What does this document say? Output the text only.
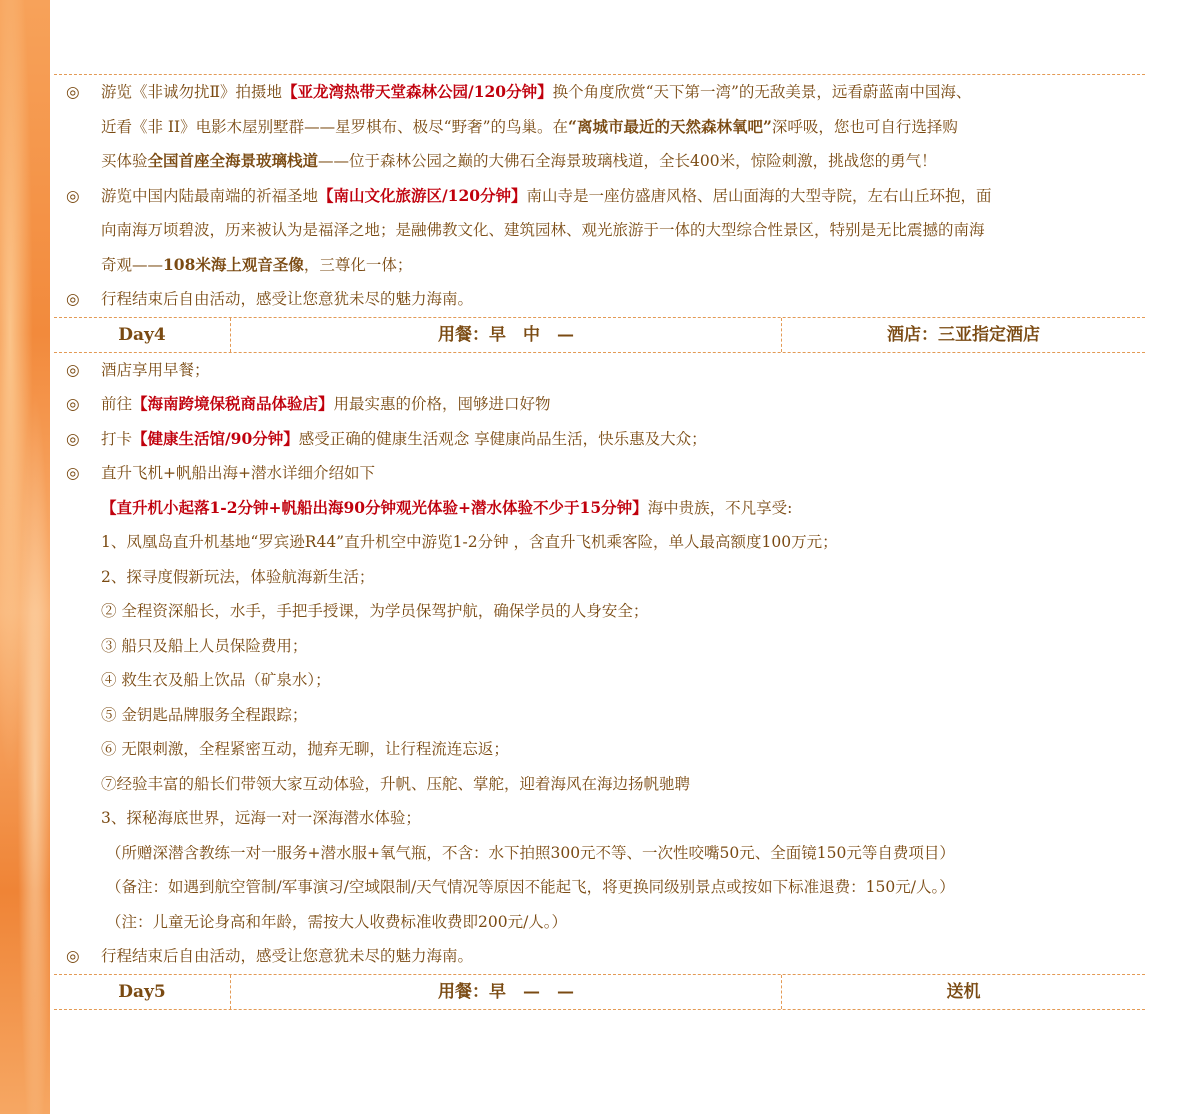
◎ 游览《非诚勿扰Ⅱ》拍摄地【亚龙湾热带天堂森林公园/120分钟】换个角度欣赏“天下第一湾”的无敌美景，远看蔚蓝南中国海、
近看《非 II》电影木屋别墅群——星罗棋布、极尽“野奢”的鸟巢。在“离城市最近的天然森林氧吧”深呼吸，您也可自行选择购
买体验全国首座全海景玻璃栈道——位于森林公园之巅的大佛石全海景玻璃栈道，全长400米，惊险刺激，挑战您的勇气！
◎ 游览中国内陆最南端的祈福圣地【南山文化旅游区/120分钟】南山寺是一座仿盛唐风格、居山面海的大型寺院，左右山丘环抱，面
向南海万顷碧波，历来被认为是福泽之地；是融佛教文化、建筑园林、观光旅游于一体的大型综合性景区，特别是无比震撼的南海
奇观——108米海上观音圣像，三尊化一体；
◎ 行程结束后自由活动，感受让您意犹未尽的魅力海南。
Day4	用餐：早　中　—	酒店：三亚指定酒店
◎ 酒店享用早餐；
◎ 前往【海南跨境保税商品体验店】用最实惠的价格，囤够进口好物
◎ 打卡【健康生活馆/90分钟】感受正确的健康生活观念 享健康尚品生活，快乐惠及大众；
◎ 直升飞机+帆船出海+潜水详细介绍如下
【直升机小起落1-2分钟+帆船出海90分钟观光体验+潜水体验不少于15分钟】海中贵族，不凡享受:
1、凤凰岛直升机基地“罗宾逊R44”直升机空中游览1-2分钟 ，含直升飞机乘客险，单人最高额度100万元；
2、探寻度假新玩法，体验航海新生活；
② 全程资深船长，水手，手把手授课，为学员保驾护航，确保学员的人身安全；
③ 船只及船上人员保险费用；
④ 救生衣及船上饮品（矿泉水）；
⑤ 金钥匙品牌服务全程跟踪；
⑥ 无限刺激，全程紧密互动，抛弃无聊，让行程流连忘返；
⑦经验丰富的船长们带领大家互动体验，升帆、压舵、掌舵，迎着海风在海边扬帆驰聘
3、探秘海底世界，远海一对一深海潜水体验；
（所赠深潜含教练一对一服务+潜水服+氧气瓶，不含：水下拍照300元不等、一次性咬嘴50元、全面镜150元等自费项目）
（备注：如遇到航空管制/军事演习/空域限制/天气情况等原因不能起飞，将更换同级别景点或按如下标准退费：150元/人。）
（注：儿童无论身高和年龄，需按大人收费标准收费即200元/人。）
◎ 行程结束后自由活动，感受让您意犹未尽的魅力海南。
Day5	用餐：早　—　—	送机
